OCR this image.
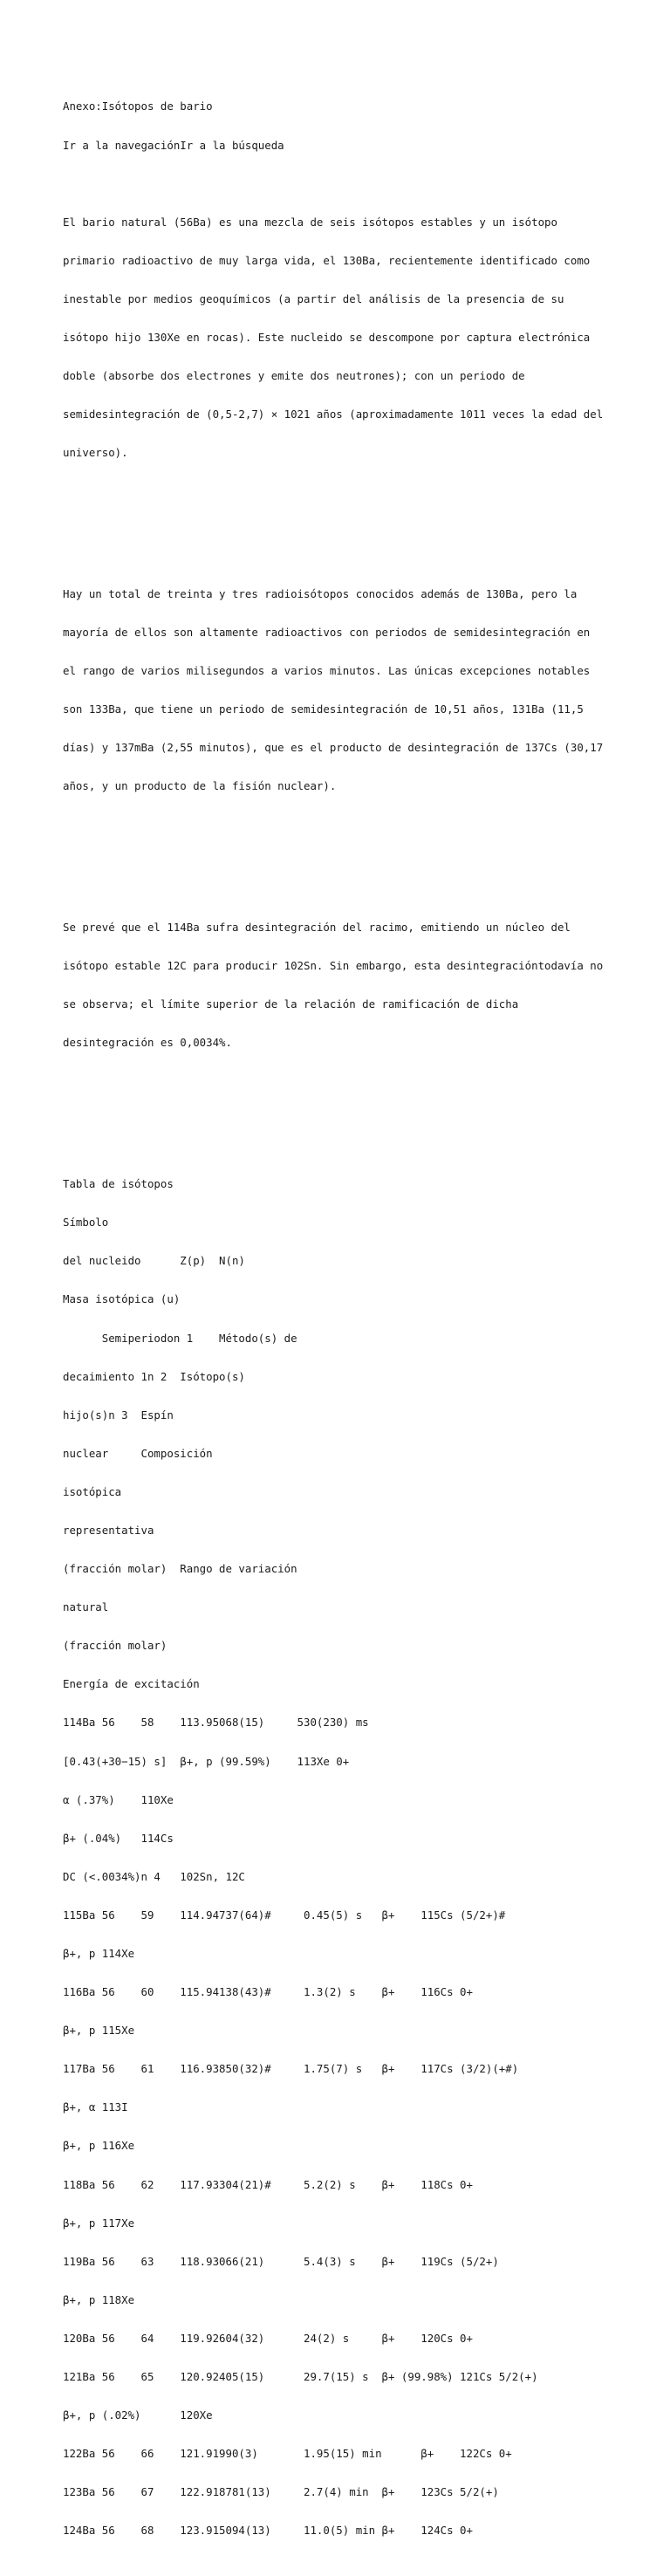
Anexo:Isótopos de bario

Ir a la navegaciónIr a la búsqueda

El bario natural (56Ba) es una mezcla de seis isótopos estables y un isótopo

primario radioactivo de muy larga vida, el 130Ba, recientemente identificado como

inestable por medios geoquímicos (a partir del análisis de la presencia de su

isótopo hijo 130Xe en rocas). Este nucleido se descompone por captura electrónica

doble (absorbe dos electrones y emite dos neutrones); con un periodo de

semidesintegración de (0,5-2,7) × 1021 años (aproximadamente 1011 veces la edad del

universo).

Hay un total de treinta y tres radioisótopos conocidos además de 130Ba, pero la

mayoría de ellos son altamente radioactivos con periodos de semidesintegración en

el rango de varios milisegundos a varios minutos. Las únicas excepciones notables

son 133Ba, que tiene un periodo de semidesintegración de 10,51 años, 131Ba (11,5

días) y 137mBa (2,55 minutos), que es el producto de desintegración de 137Cs (30,17

años, y un producto de la fisión nuclear).

Se prevé que el 114Ba sufra desintegración del racimo, emitiendo un núcleo del

isótopo estable 12C para producir 102Sn. Sin embargo, esta desintegracióntodavía no

se observa; el límite superior de la relación de ramificación de dicha

desintegración es 0,0034%.

Tabla de isótopos

Símbolo

del nucleido      Z(p)  N(n)

Masa isotópica (u)

Semiperiodon 1    Método(s) de

decaimiento 1n 2  Isótopo(s)

hijo(s)n 3  Espín

nuclear     Composición

isotópica

representativa

(fracción molar)  Rango de variación

natural

(fracción molar)

Energía de excitación

114Ba 56    58    113.95068(15)     530(230) ms

[0.43(+30−15) s]  β+, p (99.59%)    113Xe 0+

α (.37%)    110Xe

β+ (.04%)   114Cs

DC (<.0034%)n 4   102Sn, 12C

115Ba 56    59    114.94737(64)#     0.45(5) s   β+    115Cs (5/2+)#

β+, p 114Xe

116Ba 56    60    115.94138(43)#     1.3(2) s    β+    116Cs 0+

β+, p 115Xe

117Ba 56    61    116.93850(32)#     1.75(7) s   β+    117Cs (3/2)(+#)

β+, α 113I

β+, p 116Xe

118Ba 56    62    117.93304(21)#     5.2(2) s    β+    118Cs 0+

β+, p 117Xe

119Ba 56    63    118.93066(21)      5.4(3) s    β+    119Cs (5/2+)

β+, p 118Xe

120Ba 56    64    119.92604(32)      24(2) s     β+    120Cs 0+

121Ba 56    65    120.92405(15)      29.7(15) s  β+ (99.98%) 121Cs 5/2(+)

β+, p (.02%)      120Xe

122Ba 56    66    121.91990(3)       1.95(15) min      β+    122Cs 0+

123Ba 56    67    122.918781(13)     2.7(4) min  β+    123Cs 5/2(+)

124Ba 56    68    123.915094(13)     11.0(5) min β+    124Cs 0+
